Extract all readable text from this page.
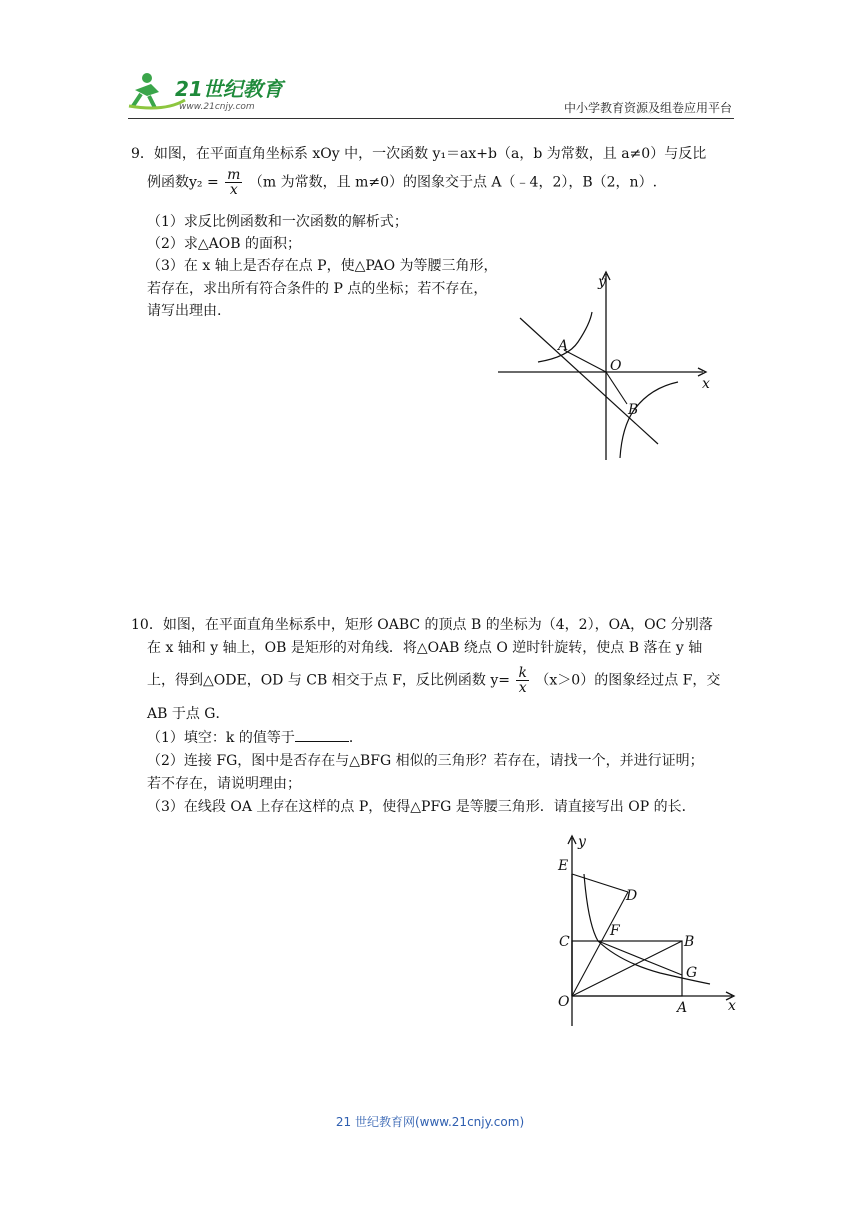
21世纪教育
www.21cnjy.com	中小学教育资源及组卷应用平台
9．如图，在平面直角坐标系 xOy 中，一次函数 y₁＝ax+b（a，b 为常数，且 a≠0）与反比
例函数$y_2 = \frac{m}{x} (m$ 为常数，且 m≠0）的图象交于点 A（﹣4，2），B（2，n）.
（1）求反比例函数和一次函数的解析式；
（2）求△AOB 的面积；
（3）在 x 轴上是否存在点 P，使△PAO 为等腰三角形，
若存在，求出所有符合条件的 P 点的坐标；若不存在，
请写出理由.
y
x
A
O
B
10．如图，在平面直角坐标系中，矩形 OABC 的顶点 B 的坐标为（4，2），OA，OC 分别落
在 x 轴和 y 轴上，OB 是矩形的对角线．将△OAB 绕点 O 逆时针旋转，使点 B 落在 y 轴
上，得到△ODE，OD 与 CB 相交于点 F，反比例函数 $y= \frac{k}{x} (x>0)$的图象经过点 F，交
AB 于点 G．
（1）填空：k 的值等于	．
（2）连接 FG，图中是否存在与△BFG 相似的三角形？若存在，请找一个，并进行证明；
若不存在，请说明理由；
（3）在线段 OA 上存在这样的点 P，使得△PFG 是等腰三角形．请直接写出 OP 的长．
E
y
D
C
F
B
G
O	A	x
21 世纪教育网(www.21cnjy.com)
